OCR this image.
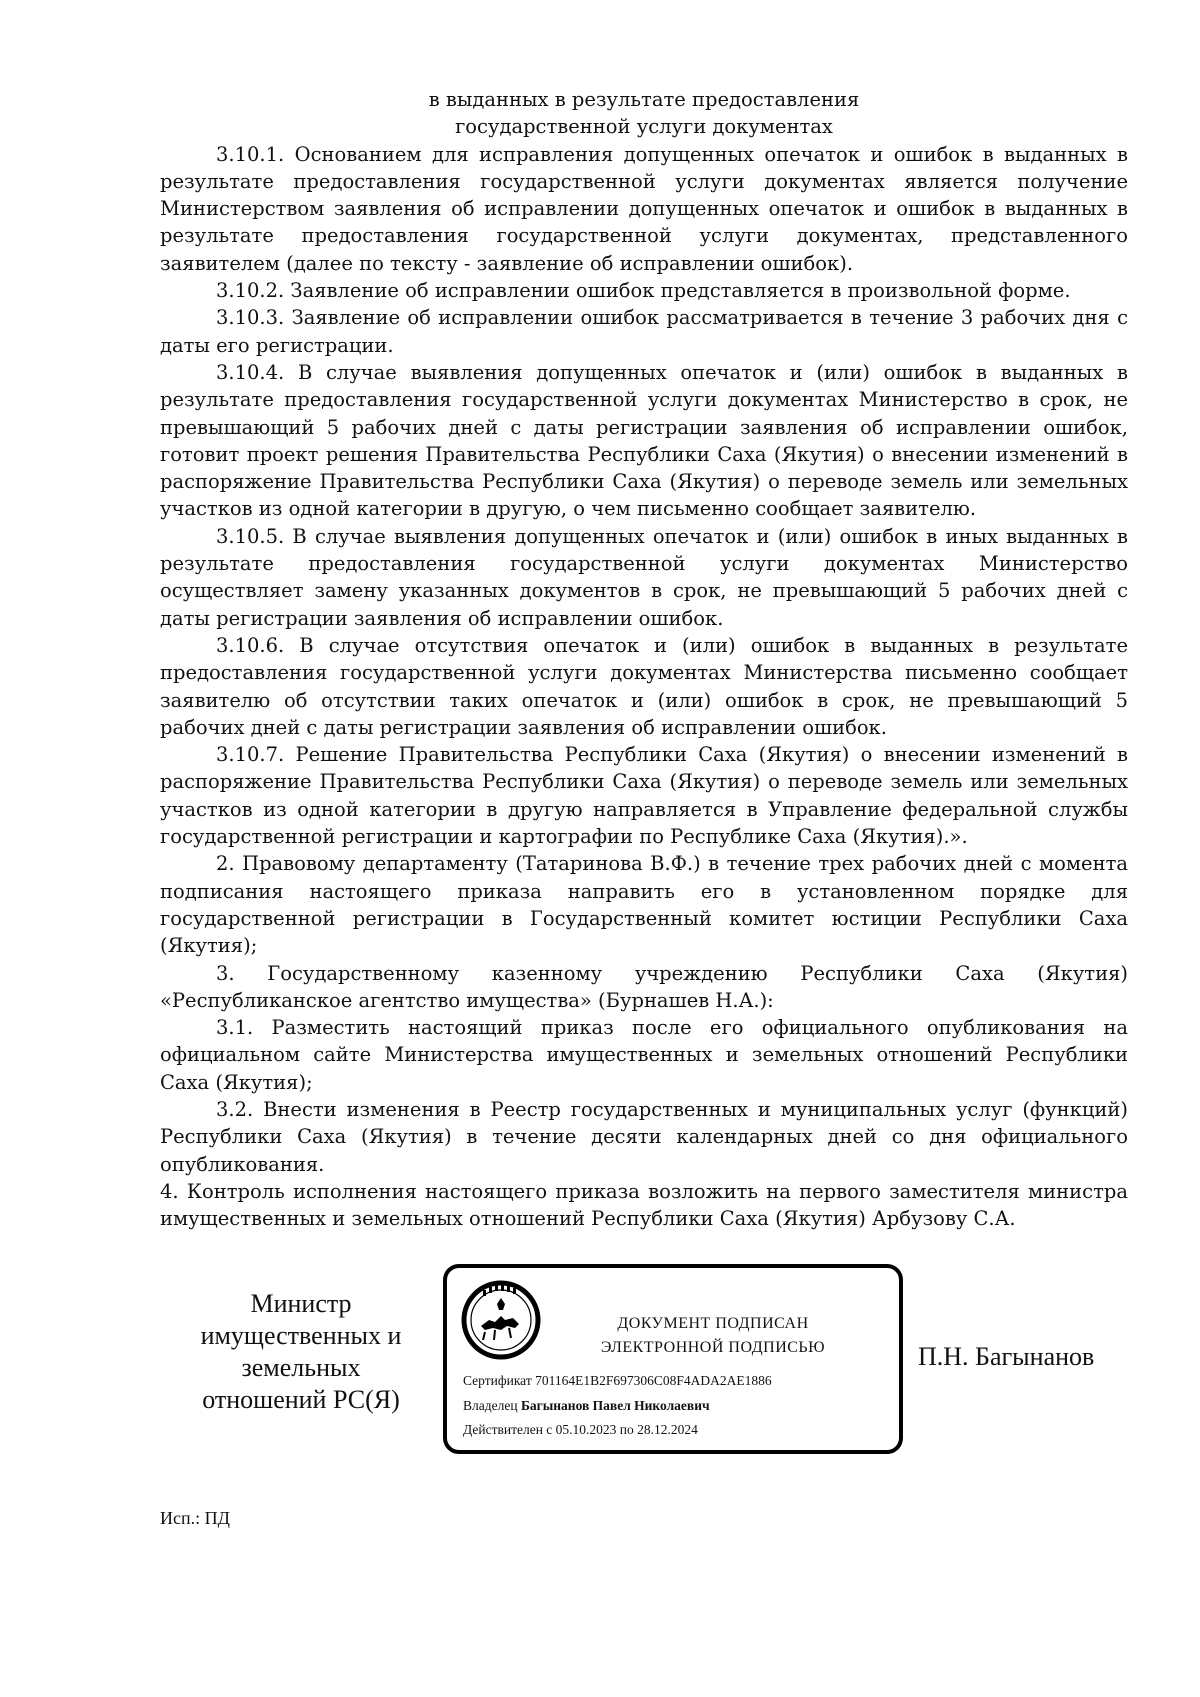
в выданных в результате предоставления
государственной услуги документах

3.10.1. Основанием для исправления допущенных опечаток и ошибок в выданных в результате предоставления государственной услуги документах является получение Министерством заявления об исправлении допущенных опечаток и ошибок в выданных в результате предоставления государственной услуги документах, представленного заявителем (далее по тексту - заявление об исправлении ошибок).

3.10.2. Заявление об исправлении ошибок представляется в произвольной форме.

3.10.3. Заявление об исправлении ошибок рассматривается в течение 3 рабочих дня с даты его регистрации.

3.10.4. В случае выявления допущенных опечаток и (или) ошибок в выданных в результате предоставления государственной услуги документах Министерство в срок, не превышающий 5 рабочих дней с даты регистрации заявления об исправлении ошибок, готовит проект решения Правительства Республики Саха (Якутия) о внесении изменений в распоряжение Правительства Республики Саха (Якутия) о переводе земель или земельных участков из одной категории в другую, о чем письменно сообщает заявителю.

3.10.5. В случае выявления допущенных опечаток и (или) ошибок в иных выданных в результате предоставления государственной услуги документах Министерство осуществляет замену указанных документов в срок, не превышающий 5 рабочих дней с даты регистрации заявления об исправлении ошибок.

3.10.6. В случае отсутствия опечаток и (или) ошибок в выданных в результате предоставления государственной услуги документах Министерства письменно сообщает заявителю об отсутствии таких опечаток и (или) ошибок в срок, не превышающий 5 рабочих дней с даты регистрации заявления об исправлении ошибок.

3.10.7. Решение Правительства Республики Саха (Якутия) о внесении изменений в распоряжение Правительства Республики Саха (Якутия) о переводе земель или земельных участков из одной категории в другую направляется в Управление федеральной службы государственной регистрации и картографии по Республике Саха (Якутия).».

2. Правовому департаменту (Татаринова В.Ф.) в течение трех рабочих дней с момента подписания настоящего приказа направить его в установленном порядке для государственной регистрации в Государственный комитет юстиции Республики Саха (Якутия);

3. Государственному казенному учреждению Республики Саха (Якутия) «Республиканское агентство имущества» (Бурнашев Н.А.):

3.1. Разместить настоящий приказ после его официального опубликования на официальном сайте Министерства имущественных и земельных отношений Республики Саха (Якутия);

3.2. Внести изменения в Реестр государственных и муниципальных услуг (функций) Республики Саха (Якутия) в течение десяти календарных дней со дня официального опубликования.

4. Контроль исполнения настоящего приказа возложить на первого заместителя министра имущественных и земельных отношений Республики Саха (Якутия) Арбузову С.А.

Министр
имущественных и
земельных
отношений РС(Я)
ДОКУМЕНТ ПОДПИСАН
ЭЛЕКТРОННОЙ ПОДПИСЬЮ
Сертификат 701164E1B2F697306C08F4ADA2AE1886
Владелец Багынанов Павел Николаевич
Действителен с 05.10.2023 по 28.12.2024
П.Н. Багынанов
Исп.: ПД
